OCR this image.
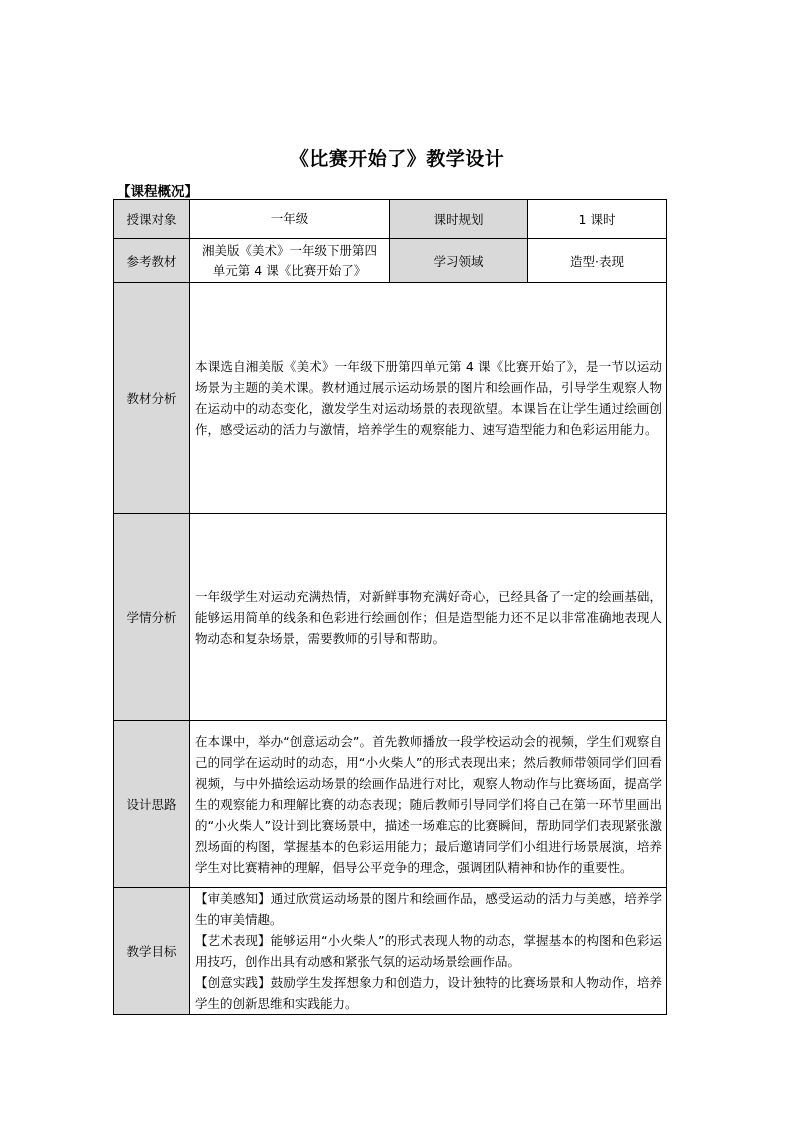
《比赛开始了》教学设计
【课程概况】
授课对象	一年级	课时规划	1 课时
参考教材	湘美版《美术》一年级下册第四单元第 4 课《比赛开始了》	学习领域	造型·表现
教材分析	本课选自湘美版《美术》一年级下册第四单元第 4 课《比赛开始了》，是一节以运动场景为主题的美术课。教材通过展示运动场景的图片和绘画作品，引导学生观察人物在运动中的动态变化，激发学生对运动场景的表现欲望。本课旨在让学生通过绘画创作，感受运动的活力与激情，培养学生的观察能力、速写造型能力和色彩运用能力。		
学情分析	一年级学生对运动充满热情，对新鲜事物充满好奇心，已经具备了一定的绘画基础，能够运用简单的线条和色彩进行绘画创作；但是造型能力还不足以非常准确地表现人物动态和复杂场景，需要教师的引导和帮助。		
设计思路	在本课中，举办“创意运动会”。首先教师播放一段学校运动会的视频，学生们观察自己的同学在运动时的动态，用“小火柴人”的形式表现出来；然后教师带领同学们回看视频，与中外描绘运动场景的绘画作品进行对比，观察人物动作与比赛场面，提高学生的观察能力和理解比赛的动态表现；随后教师引导同学们将自己在第一环节里画出的“小火柴人”设计到比赛场景中，描述一场难忘的比赛瞬间，帮助同学们表现紧张激烈场面的构图，掌握基本的色彩运用能力；最后邀请同学们小组进行场景展演，培养学生对比赛精神的理解，倡导公平竞争的理念，强调团队精神和协作的重要性。		
教学目标	【审美感知】通过欣赏运动场景的图片和绘画作品，感受运动的活力与美感，培养学生的审美情趣。
【艺术表现】能够运用“小火柴人”的形式表现人物的动态，掌握基本的构图和色彩运用技巧，创作出具有动感和紧张气氛的运动场景绘画作品。
【创意实践】鼓励学生发挥想象力和创造力，设计独特的比赛场景和人物动作，培养学生的创新思维和实践能力。		
